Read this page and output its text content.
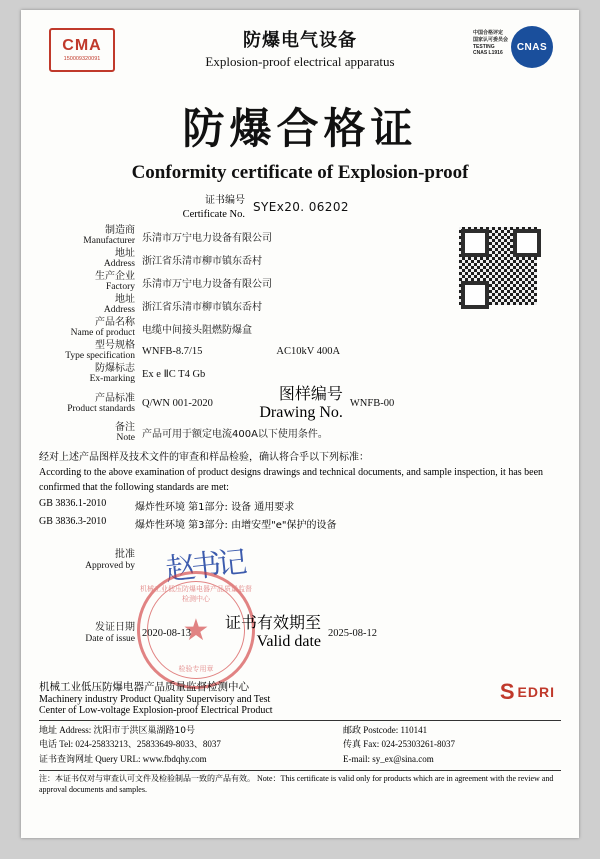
CMA
150009320091
防爆电气设备
Explosion-proof electrical apparatus
中国合格评定
国家认可委员会
TESTING
CNAS L1916
CNAS
防爆合格证
Conformity certificate of Explosion-proof
证书编号
Certificate No. SYEx20. 06202
制造商
Manufacturer 乐清市万宁电力设备有限公司
地址
Address 浙江省乐清市柳市镇东岙村
生产企业
Factory 乐清市万宁电力设备有限公司
地址
Address 浙江省乐清市柳市镇东岙村
产品名称
Name of product 电缆中间接头阻燃防爆盒
型号规格
Type specification WNFB-8.7/15	AC10kV 400A
防爆标志
Ex-marking Ex e ⅡC T4 Gb
产品标准
Product standards Q/WN 001-2020
图样编号 Drawing No. WNFB-00
备注
Note 产品可用于额定电流400A以下使用条件。
经对上述产品图样及技术文件的审查和样品检验，确认将合乎以下列标准：
According to the above examination of product designs drawings and technical documents, and sample inspection, it has been confirmed that the following standards are met:
GB 3836.1-2010	爆炸性环境 第1部分: 设备 通用要求
GB 3836.3-2010	爆炸性环境 第3部分: 由增安型"e"保护的设备
批准
Approved by 赵书记
机械工业低压防爆电器产品质量监督检测中心
★
检验专用章
发证日期
Date of issue 2020-08-13
证书有效期至 Valid date 2025-08-12
S EDRI
机械工业低压防爆电器产品质量监督检测中心
Machinery industry Product Quality Supervisory and Test
Center of Low-voltage Explosion-proof Electrical Product
地址 Address: 沈阳市于洪区巢湖路10号
电话 Tel: 024-25833213、25833649-8033、8037
证书查询网址 Query URL: www.fbdqhy.com
邮政 Postcode: 110141
传真 Fax: 024-25303261-8037
E-mail: sy_ex@sina.com
注：本证书仅对与审查认可文件及检验制品一致的产品有效。 Note：This certificate is valid only for products which are in agreement with the review and approval documents and samples.
